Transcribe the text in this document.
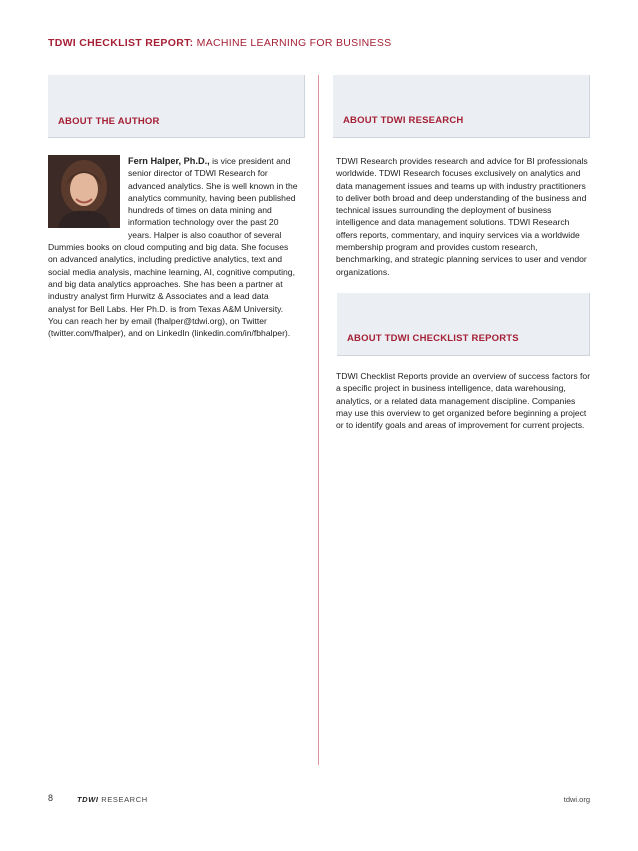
TDWI CHECKLIST REPORT: MACHINE LEARNING FOR BUSINESS
ABOUT THE AUTHOR
Fern Halper, Ph.D., is vice president and senior director of TDWI Research for advanced analytics. She is well known in the analytics community, having been published hundreds of times on data mining and information technology over the past 20 years. Halper is also coauthor of several Dummies books on cloud computing and big data. She focuses on advanced analytics, including predictive analytics, text and social media analysis, machine learning, AI, cognitive computing, and big data analytics approaches. She has been a partner at industry analyst firm Hurwitz & Associates and a lead data analyst for Bell Labs. Her Ph.D. is from Texas A&M University. You can reach her by email (fhalper@tdwi.org), on Twitter (twitter.com/fhalper), and on LinkedIn (linkedin.com/in/fbhalper).
ABOUT TDWI RESEARCH
TDWI Research provides research and advice for BI professionals worldwide. TDWI Research focuses exclusively on analytics and data management issues and teams up with industry practitioners to deliver both broad and deep understanding of the business and technical issues surrounding the deployment of business intelligence and data management solutions. TDWI Research offers reports, commentary, and inquiry services via a worldwide membership program and provides custom research, benchmarking, and strategic planning services to user and vendor organizations.
ABOUT TDWI CHECKLIST REPORTS
TDWI Checklist Reports provide an overview of success factors for a specific project in business intelligence, data warehousing, analytics, or a related data management discipline. Companies may use this overview to get organized before beginning a project or to identify goals and areas of improvement for current projects.
8	TDWI RESEARCH	tdwi.org
